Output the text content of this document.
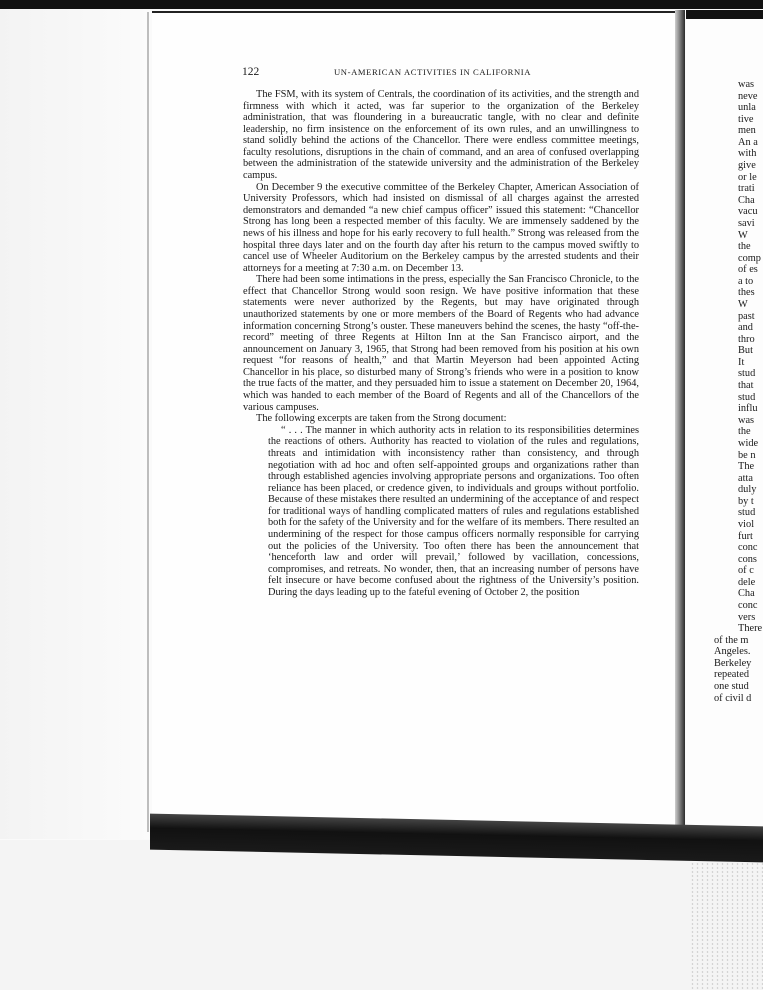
122	UN-AMERICAN ACTIVITIES IN CALIFORNIA

The FSM, with its system of Centrals, the coordination of its activities, and the strength and firmness with which it acted, was far superior to the organization of the Berkeley administration, that was floundering in a bureaucratic tangle, with no clear and definite leadership, no firm insistence on the enforcement of its own rules, and an unwillingness to stand solidly behind the actions of the Chancellor. There were endless committee meetings, faculty resolutions, disruptions in the chain of command, and an area of confused overlapping between the administration of the statewide university and the administration of the Berkeley campus.

On December 9 the executive committee of the Berkeley Chapter, American Association of University Professors, which had insisted on dismissal of all charges against the arrested demonstrators and demanded “a new chief campus officer” issued this statement: “Chancellor Strong has long been a respected member of this faculty. We are immensely saddened by the news of his illness and hope for his early recovery to full health.” Strong was released from the hospital three days later and on the fourth day after his return to the campus moved swiftly to cancel use of Wheeler Auditorium on the Berkeley campus by the arrested students and their attorneys for a meeting at 7:30 a.m. on December 13.

There had been some intimations in the press, especially the San Francisco Chronicle, to the effect that Chancellor Strong would soon resign. We have positive information that these statements were never authorized by the Regents, but may have originated through unauthorized statements by one or more members of the Board of Regents who had advance information concerning Strong’s ouster. These maneuvers behind the scenes, the hasty “off-the-record” meeting of three Regents at Hilton Inn at the San Francisco airport, and the announcement on January 3, 1965, that Strong had been removed from his position at his own request “for reasons of health,” and that Martin Meyerson had been appointed Acting Chancellor in his place, so disturbed many of Strong’s friends who were in a position to know the true facts of the matter, and they persuaded him to issue a statement on December 20, 1964, which was handed to each member of the Board of Regents and all of the Chancellors of the various campuses.

The following excerpts are taken from the Strong document:

“ . . . The manner in which authority acts in relation to its responsibilities determines the reactions of others. Authority has reacted to violation of the rules and regulations, threats and intimidation with inconsistency rather than consistency, and through negotiation with ad hoc and often self-appointed groups and organizations rather than through established agencies involving appropriate persons and organizations. Too often reliance has been placed, or credence given, to individuals and groups without portfolio. Because of these mistakes there resulted an undermining of the acceptance of and respect for traditional ways of handling complicated matters of rules and regulations established both for the safety of the University and for the welfare of its members. There resulted an undermining of the respect for those campus officers normally responsible for carrying out the policies of the University. Too often there has been the announcement that ‘henceforth law and order will prevail,’ followed by vacillation, concessions, compromises, and retreats. No wonder, then, that an increasing number of persons have felt insecure or have become confused about the rightness of the University’s position. During the days leading up to the fateful evening of October 2, the position

was
neve
unla
tive
men
An a
with
give
or le
trati
Cha
vacu
savi
W
the
comp
of es
a to
thes
W
past
and
thro
But
It
stud
that
stud
influ
was
the
wide
be n
The
atta
duly
by t
stud
viol
furt
conc
cons
of c
dele
Cha
conc
vers
There
of the m
Angeles.
Berkeley
repeated
one stud
of civil d
